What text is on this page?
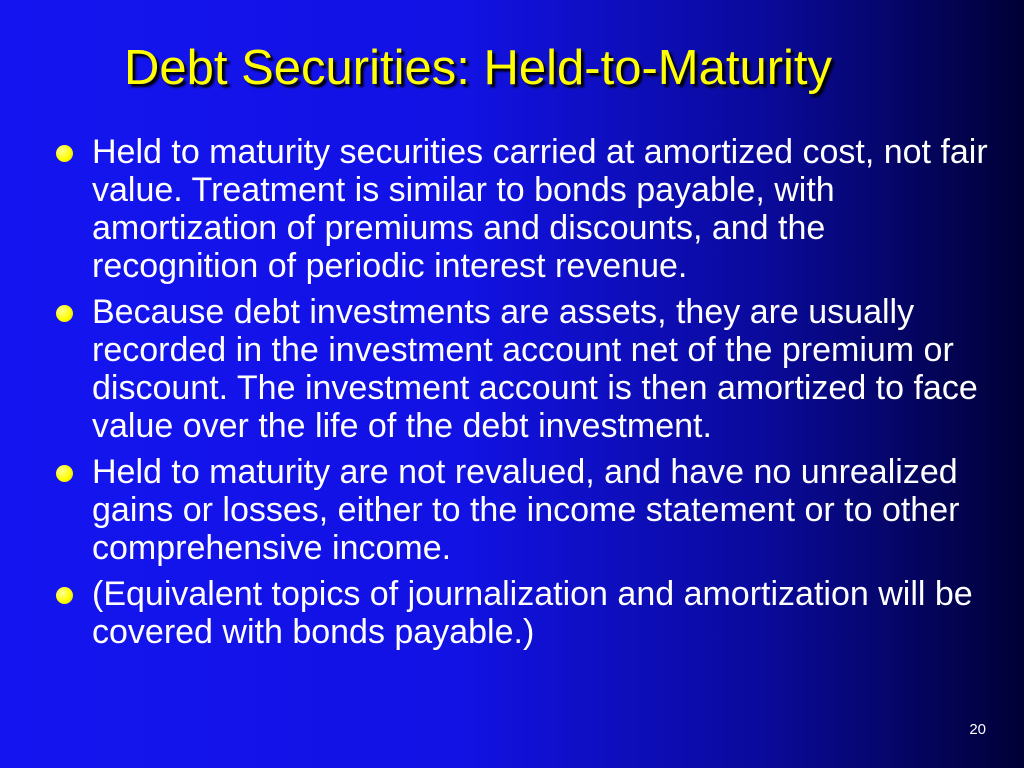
Debt Securities: Held-to-Maturity
Held to maturity securities carried at amortized cost, not fair value. Treatment is similar to bonds payable, with amortization of premiums and discounts, and the recognition of periodic interest revenue.
Because debt investments are assets, they are usually recorded in the investment account net of the premium or discount. The investment account is then amortized to face value over the life of the debt investment.
Held to maturity are not revalued, and have no unrealized gains or losses, either to the income statement or to other comprehensive income.
(Equivalent topics of journalization and amortization will be covered with bonds payable.)
20
